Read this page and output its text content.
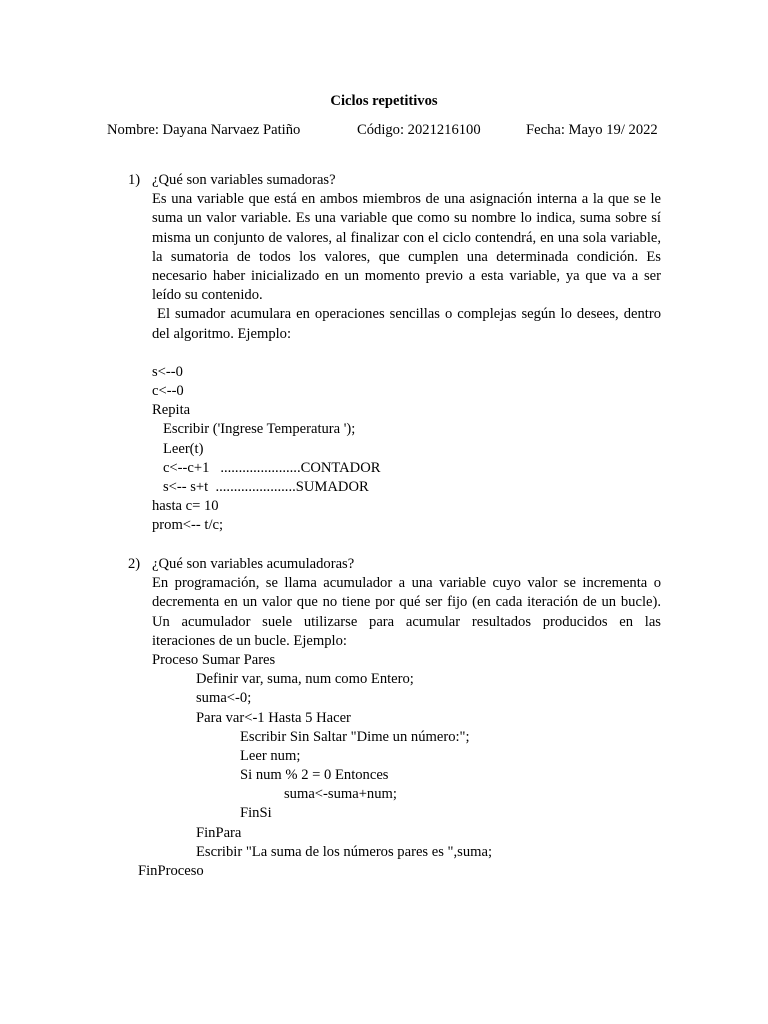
Ciclos repetitivos
Nombre: Dayana Narvaez Patiño	Código: 2021216100	Fecha: Mayo 19/ 2022
1) ¿Qué son variables sumadoras?
Es una variable que está en ambos miembros de una asignación interna a la que se le
suma un valor variable. Es una variable que como su nombre lo indica, suma sobre sí
misma un conjunto de valores, al finalizar con el ciclo contendrá, en una sola variable,
la sumatoria de todos los valores, que cumplen una determinada condición. Es
necesario haber inicializado en un momento previo a esta variable, ya que va a ser
leído su contenido.
El sumador acumulara en operaciones sencillas o complejas según lo desees, dentro
del algoritmo. Ejemplo:
s<--0
c<--0
Repita
Escribir ('Ingrese Temperatura ');
Leer(t)
c<--c+1   ......................CONTADOR
s<-- s+t  ......................SUMADOR
hasta c= 10
prom<-- t/c;
2) ¿Qué son variables acumuladoras?
En programación, se llama acumulador a una variable cuyo valor se incrementa o
decrementa en un valor que no tiene por qué ser fijo (en cada iteración de un bucle).
Un acumulador suele utilizarse para acumular resultados producidos en las
iteraciones de un bucle. Ejemplo:
Proceso Sumar Pares
Definir var, suma, num como Entero;
suma<-0;
Para var<-1 Hasta 5 Hacer
Escribir Sin Saltar "Dime un número:";
Leer num;
Si num % 2 = 0 Entonces
suma<-suma+num;
FinSi
FinPara
Escribir "La suma de los números pares es ",suma;
FinProceso
